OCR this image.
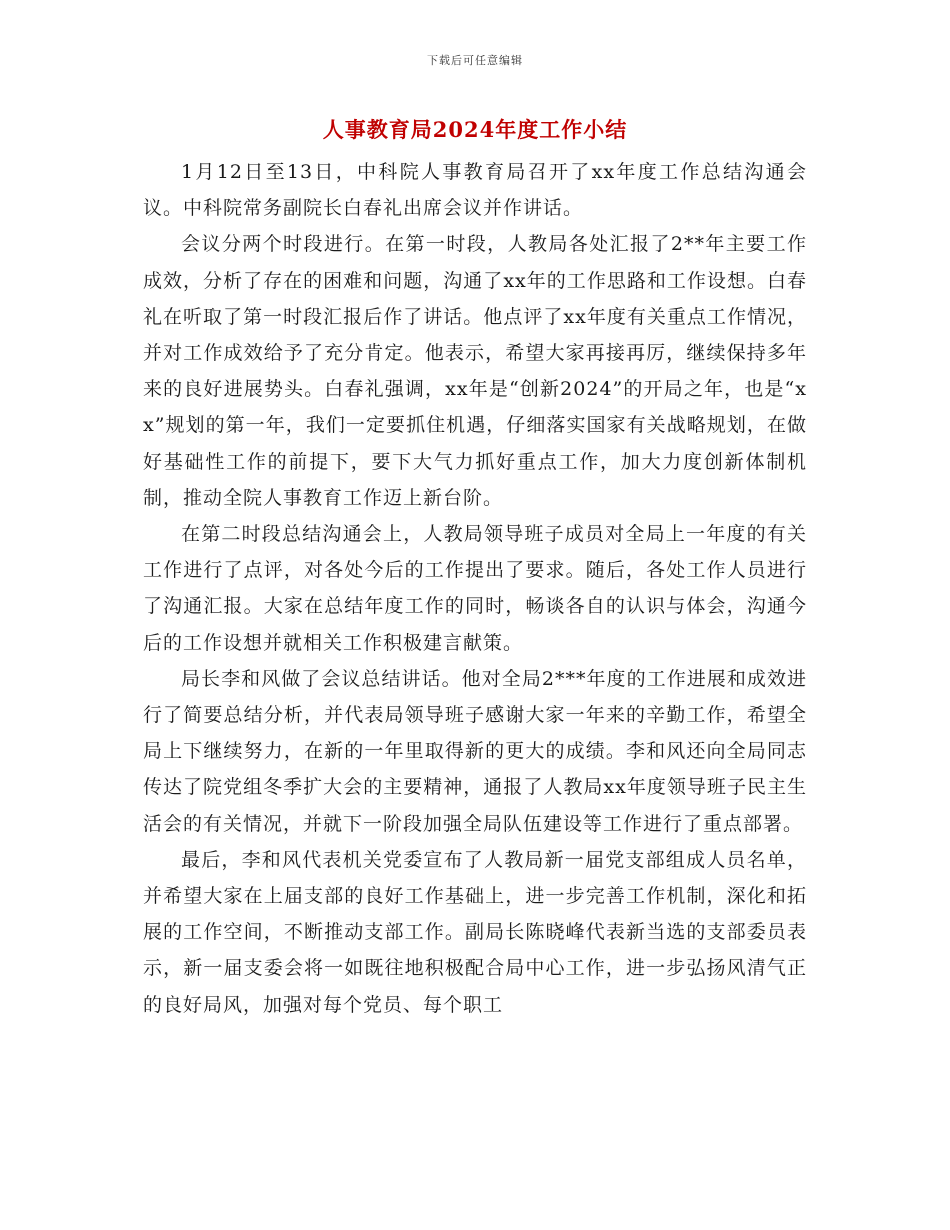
下载后可任意编辑
人事教育局2024年度工作小结

1月12日至13日，中科院人事教育局召开了xx年度工作总结沟通会议。中科院常务副院长白春礼出席会议并作讲话。

会议分两个时段进行。在第一时段，人教局各处汇报了2**年主要工作成效，分析了存在的困难和问题，沟通了xx年的工作思路和工作设想。白春礼在听取了第一时段汇报后作了讲话。他点评了xx年度有关重点工作情况，并对工作成效给予了充分肯定。他表示，希望大家再接再厉，继续保持多年来的良好进展势头。白春礼强调，xx年是“创新2024”的开局之年，也是“xx”规划的第一年，我们一定要抓住机遇，仔细落实国家有关战略规划，在做好基础性工作的前提下，要下大气力抓好重点工作，加大力度创新体制机制，推动全院人事教育工作迈上新台阶。

在第二时段总结沟通会上，人教局领导班子成员对全局上一年度的有关工作进行了点评，对各处今后的工作提出了要求。随后，各处工作人员进行了沟通汇报。大家在总结年度工作的同时，畅谈各自的认识与体会，沟通今后的工作设想并就相关工作积极建言献策。

局长李和风做了会议总结讲话。他对全局2***年度的工作进展和成效进行了简要总结分析，并代表局领导班子感谢大家一年来的辛勤工作，希望全局上下继续努力，在新的一年里取得新的更大的成绩。李和风还向全局同志传达了院党组冬季扩大会的主要精神，通报了人教局xx年度领导班子民主生活会的有关情况，并就下一阶段加强全局队伍建设等工作进行了重点部署。

最后，李和风代表机关党委宣布了人教局新一届党支部组成人员名单，并希望大家在上届支部的良好工作基础上，进一步完善工作机制，深化和拓展的工作空间，不断推动支部工作。副局长陈晓峰代表新当选的支部委员表示，新一届支委会将一如既往地积极配合局中心工作，进一步弘扬风清气正的良好局风，加强对每个党员、每个职工
